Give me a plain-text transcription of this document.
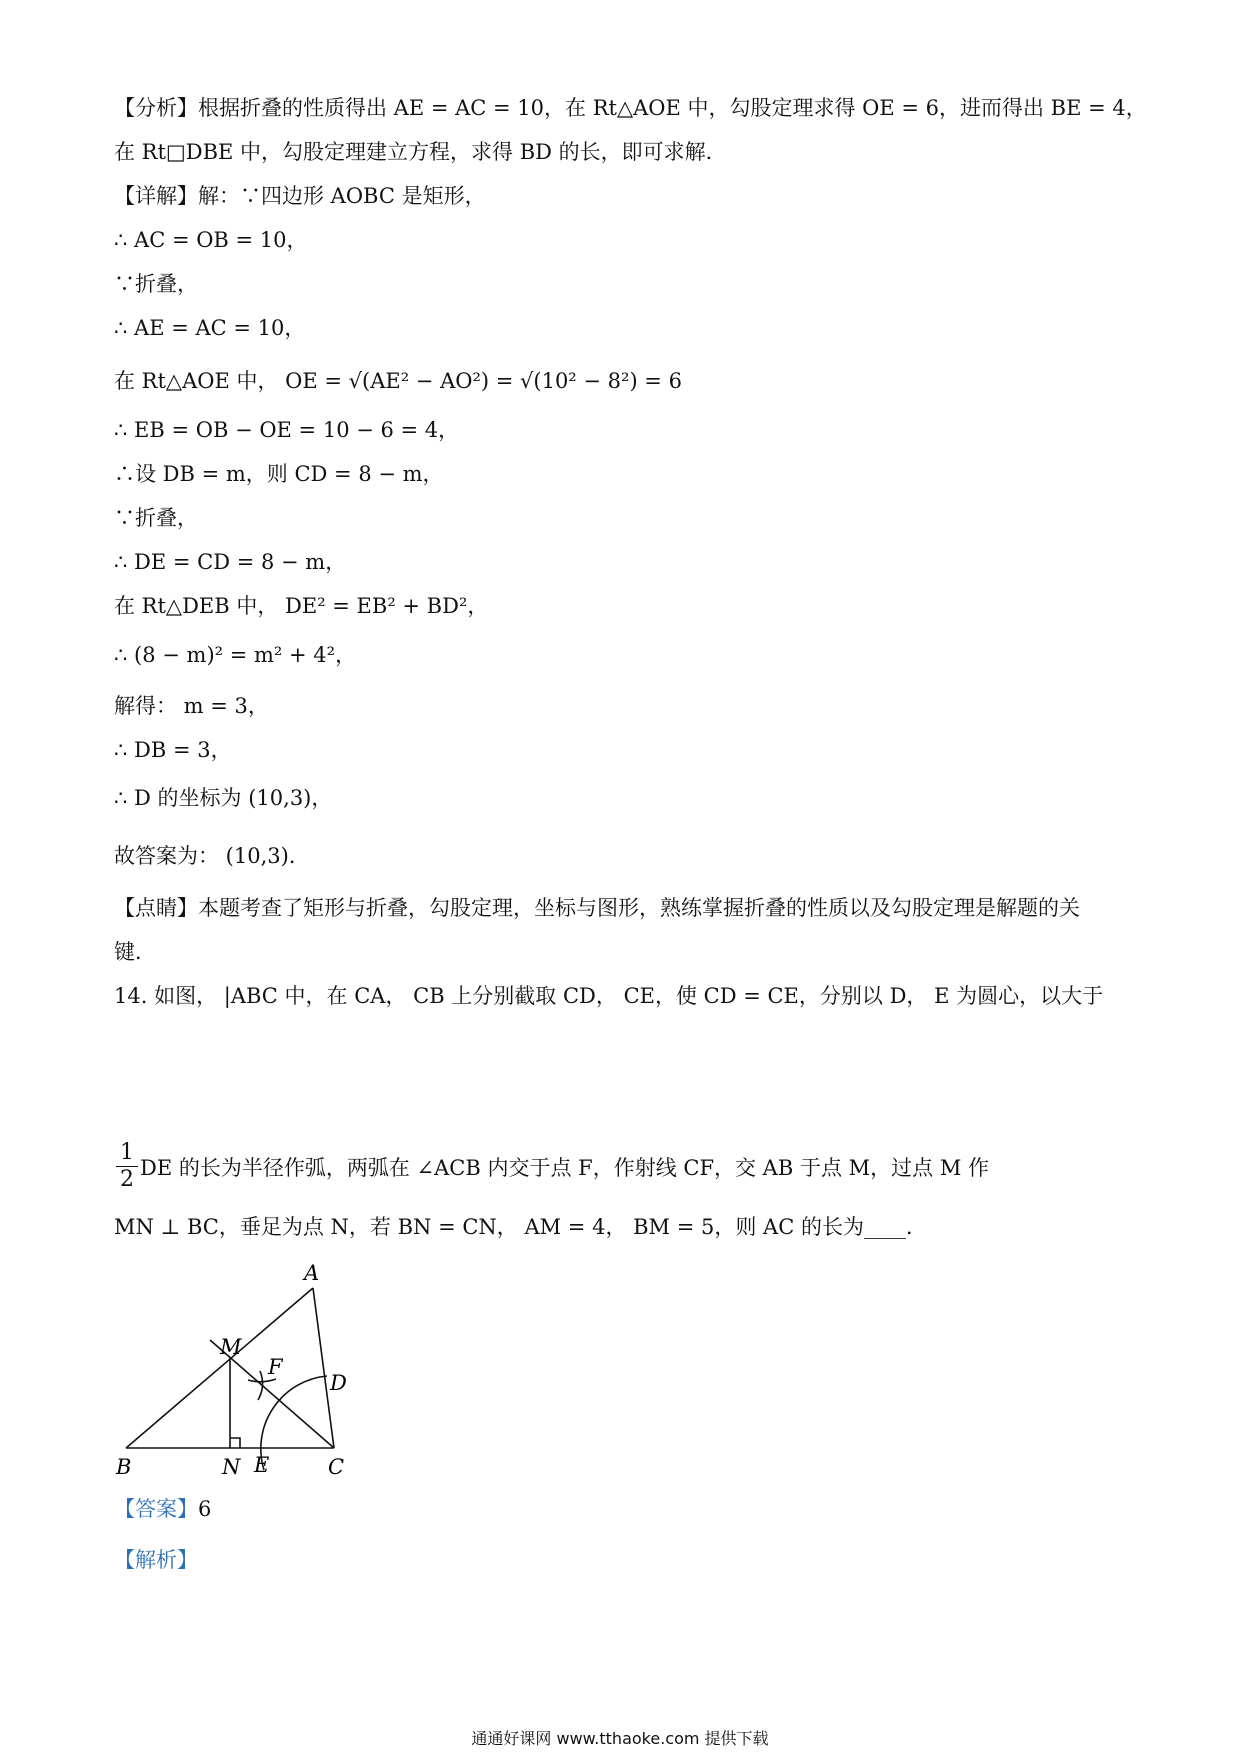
【分析】根据折叠的性质得出 AE = AC = 10，在 Rt△AOE 中，勾股定理求得 OE = 6，进而得出 BE = 4，
在 Rt□DBE 中，勾股定理建立方程，求得 BD 的长，即可求解．
【详解】解：∵四边形 AOBC 是矩形，
∴ AC = OB = 10，
∵折叠，
∴ AE = AC = 10，
在 Rt△AOE 中， OE = √(AE² − AO²) = √(10² − 8²) = 6
∴ EB = OB − OE = 10 − 6 = 4，
∴设 DB = m，则 CD = 8 − m，
∵折叠，
∴ DE = CD = 8 − m，
在 Rt△DEB 中， DE² = EB² + BD²，
∴ (8 − m)² = m² + 4²，
解得： m = 3，
∴ DB = 3，
∴ D 的坐标为 (10,3)，
故答案为： (10,3)．
【点睛】本题考查了矩形与折叠，勾股定理，坐标与图形，熟练掌握折叠的性质以及勾股定理是解题的关
键．
14. 如图， |ABC 中，在 CA， CB 上分别截取 CD， CE，使 CD = CE，分别以 D， E 为圆心，以大于
$\frac{1}{2}$ DE 的长为半径作弧，两弧在 ∠ACB 内交于点 F，作射线 CF，交 AB 于点 M，过点 M 作
MN ⊥ BC，垂足为点 N，若 BN = CN， AM = 4， BM = 5，则 AC 的长为____．
A
M
F
D
B	N E	C
【答案】6
【解析】
通通好课网 www.tthaoke.com 提供下载
